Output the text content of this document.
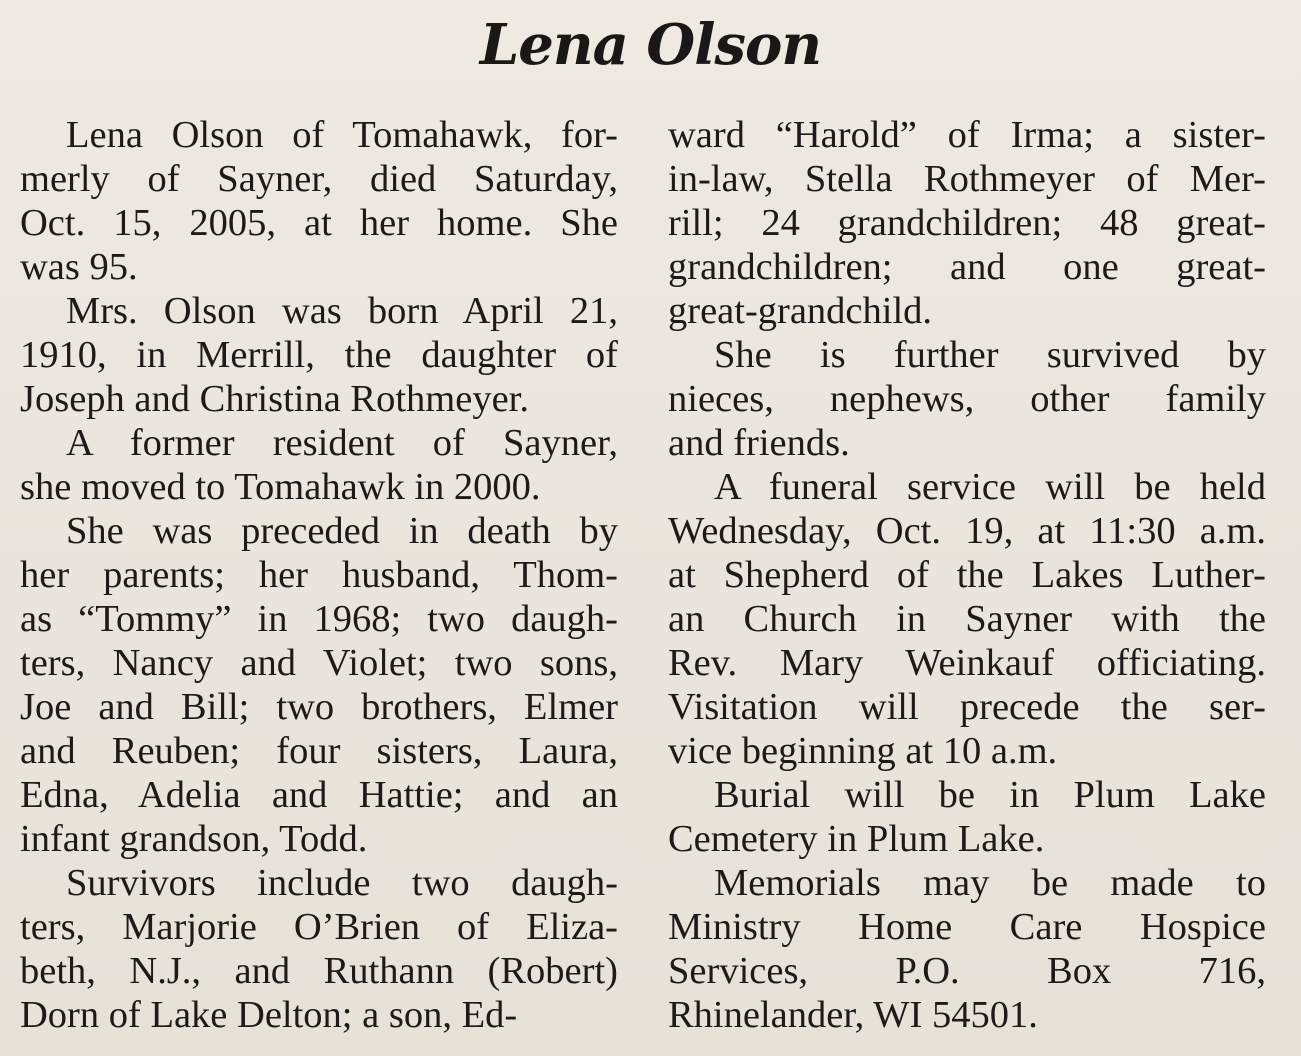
Lena Olson

Lena Olson of Tomahawk, for-
merly of Sayner, died Saturday,
Oct. 15, 2005, at her home. She
was 95.

Mrs. Olson was born April 21,
1910, in Merrill, the daughter of
Joseph and Christina Rothmeyer.

A former resident of Sayner,
she moved to Tomahawk in 2000.

She was preceded in death by
her parents; her husband, Thom-
as “Tommy” in 1968; two daugh-
ters, Nancy and Violet; two sons,
Joe and Bill; two brothers, Elmer
and Reuben; four sisters, Laura,
Edna, Adelia and Hattie; and an
infant grandson, Todd.

Survivors include two daugh-
ters, Marjorie O’Brien of Eliza-
beth, N.J., and Ruthann (Robert)
Dorn of Lake Delton; a son, Ed-

ward “Harold” of Irma; a sister-
in-law, Stella Rothmeyer of Mer-
rill; 24 grandchildren; 48 great-
grandchildren; and one great-
great-grandchild.

She is further survived by
nieces, nephews, other family
and friends.

A funeral service will be held
Wednesday, Oct. 19, at 11:30 a.m.
at Shepherd of the Lakes Luther-
an Church in Sayner with the
Rev. Mary Weinkauf officiating.
Visitation will precede the ser-
vice beginning at 10 a.m.

Burial will be in Plum Lake
Cemetery in Plum Lake.

Memorials may be made to
Ministry Home Care Hospice
Services, P.O. Box 716,
Rhinelander, WI 54501.
